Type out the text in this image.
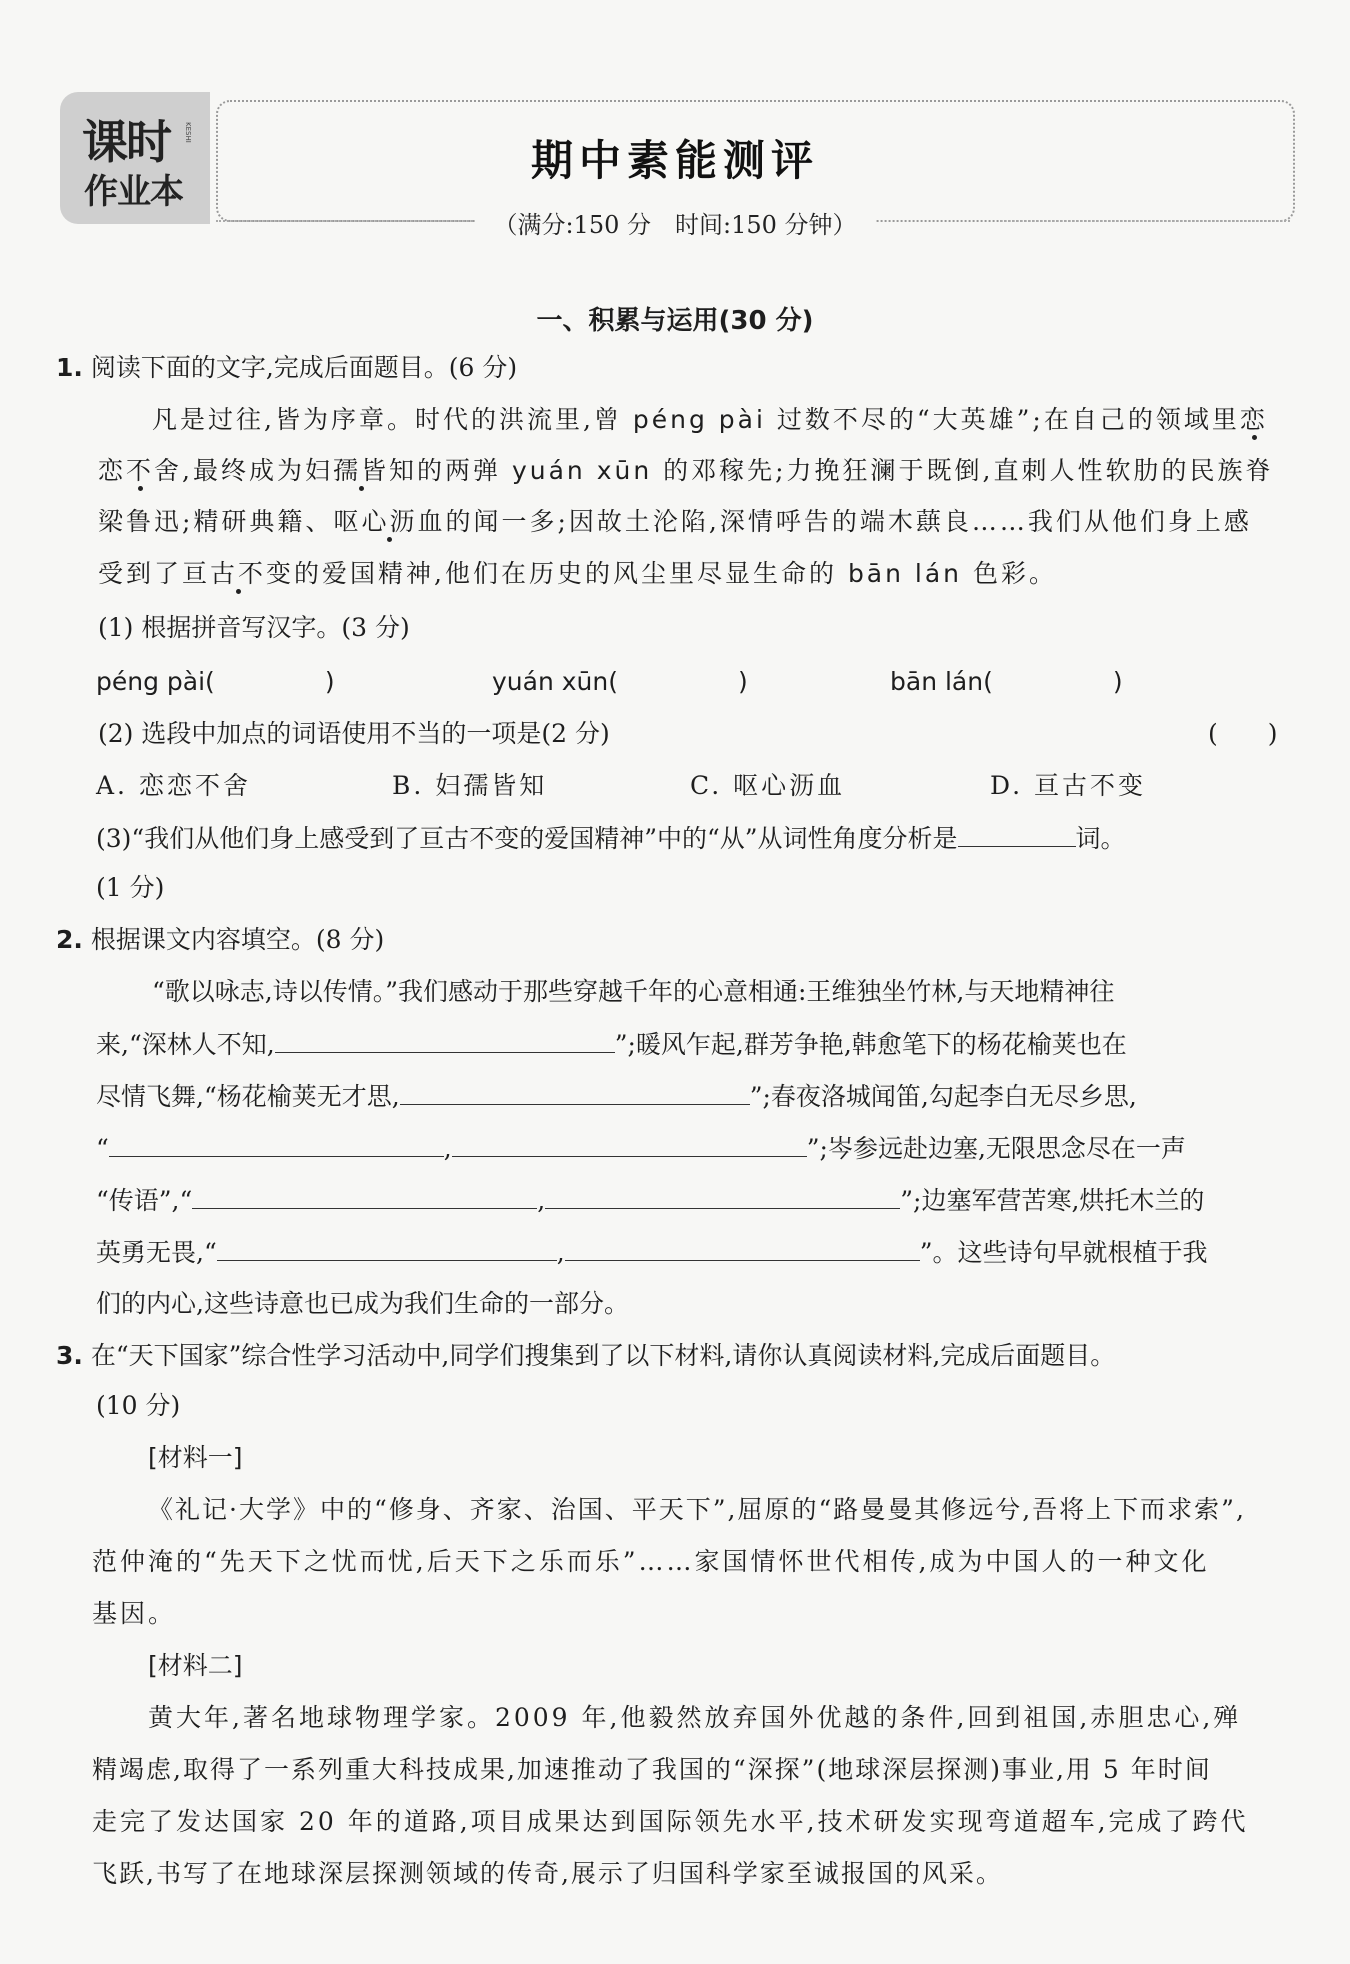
课时
作业本
KESHI
期中素能测评
（满分:150 分　时间:150 分钟）
一、积累与运用(30 分)
1. 阅读下面的文字,完成后面题目。(6 分)
凡是过往,皆为序章。时代的洪流里,曾 péng pài 过数不尽的“大英雄”;在自己的领域里恋
恋不舍,最终成为妇孺皆知的两弹 yuán xūn 的邓稼先;力挽狂澜于既倒,直刺人性软肋的民族脊
梁鲁迅;精研典籍、呕心沥血的闻一多;因故土沦陷,深情呼告的端木蕻良……我们从他们身上感
受到了亘古不变的爱国精神,他们在历史的风尘里尽显生命的 bān lán 色彩。
(1) 根据拼音写汉字。(3 分)
péng pài(	)	yuán xūn(	)	bān lán(	)
(2) 选段中加点的词语使用不当的一项是(2 分)	(　　)
A. 恋恋不舍	B. 妇孺皆知	C. 呕心沥血	D. 亘古不变
(3)“我们从他们身上感受到了亘古不变的爱国精神”中的“从”从词性角度分析是	词。
(1 分)
2. 根据课文内容填空。(8 分)
“歌以咏志,诗以传情。”我们感动于那些穿越千年的心意相通:王维独坐竹林,与天地精神往
来,“深林人不知,	”;暖风乍起,群芳争艳,韩愈笔下的杨花榆荚也在
尽情飞舞,“杨花榆荚无才思,	”;春夜洛城闻笛,勾起李白无尽乡思,
“	,	”;岑参远赴边塞,无限思念尽在一声
“传语”,“	,	”;边塞军营苦寒,烘托木兰的
英勇无畏,“	,	”。这些诗句早就根植于我
们的内心,这些诗意也已成为我们生命的一部分。
3. 在“天下国家”综合性学习活动中,同学们搜集到了以下材料,请你认真阅读材料,完成后面题目。
(10 分)
[材料一]
《礼记·大学》中的“修身、齐家、治国、平天下”,屈原的“路曼曼其修远兮,吾将上下而求索”,
范仲淹的“先天下之忧而忧,后天下之乐而乐”……家国情怀世代相传,成为中国人的一种文化
基因。
[材料二]
黄大年,著名地球物理学家。2009 年,他毅然放弃国外优越的条件,回到祖国,赤胆忠心,殚
精竭虑,取得了一系列重大科技成果,加速推动了我国的“深探”(地球深层探测)事业,用 5 年时间
走完了发达国家 20 年的道路,项目成果达到国际领先水平,技术研发实现弯道超车,完成了跨代
飞跃,书写了在地球深层探测领域的传奇,展示了归国科学家至诚报国的风采。
